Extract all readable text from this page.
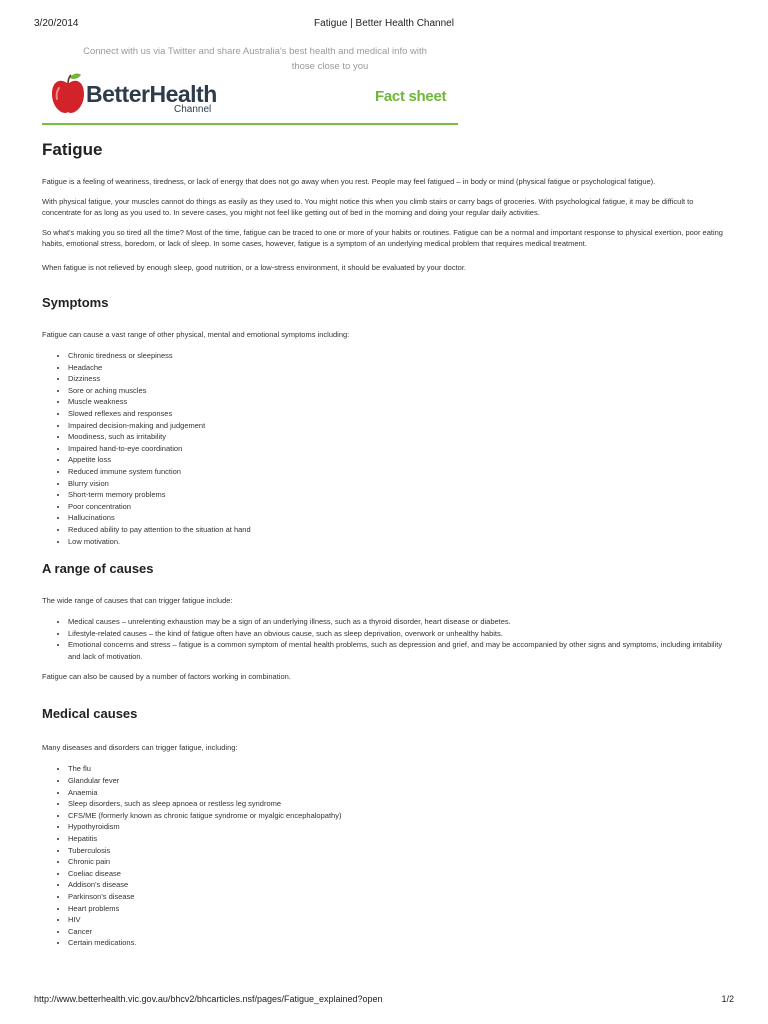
3/20/2014	Fatigue | Better Health Channel
Connect with us via Twitter and share Australia's best health and medical info with
those close to you
BetterHealth
Channel
Fact sheet
Fatigue

Fatigue is a feeling of weariness, tiredness, or lack of energy that does not go away when you rest. People may feel fatigued – in body or mind (physical fatigue or psychological fatigue).

With physical fatigue, your muscles cannot do things as easily as they used to. You might notice this when you climb stairs or carry bags of groceries. With psychological fatigue, it may be difficult to concentrate for as long as you used to. In severe cases, you might not feel like getting out of bed in the morning and doing your regular daily activities.

So what's making you so tired all the time? Most of the time, fatigue can be traced to one or more of your habits or routines. Fatigue can be a normal and important response to physical exertion, poor eating habits, emotional stress, boredom, or lack of sleep. In some cases, however, fatigue is a symptom of an underlying medical problem that requires medical treatment.

When fatigue is not relieved by enough sleep, good nutrition, or a low-stress environment, it should be evaluated by your doctor.

Symptoms

Fatigue can cause a vast range of other physical, mental and emotional symptoms including:

• Chronic tiredness or sleepiness
• Headache
• Dizziness
• Sore or aching muscles
• Muscle weakness
• Slowed reflexes and responses
• Impaired decision-making and judgement
• Moodiness, such as irritability
• Impaired hand-to-eye coordination
• Appetite loss
• Reduced immune system function
• Blurry vision
• Short-term memory problems
• Poor concentration
• Hallucinations
• Reduced ability to pay attention to the situation at hand
• Low motivation.
A range of causes

The wide range of causes that can trigger fatigue include:

• Medical causes – unrelenting exhaustion may be a sign of an underlying illness, such as a thyroid disorder, heart disease or diabetes.
• Lifestyle-related causes – the kind of fatigue often have an obvious cause, such as sleep deprivation, overwork or unhealthy habits.
• Emotional concerns and stress – fatigue is a common symptom of mental health problems, such as depression and grief, and may be accompanied by other signs and symptoms, including irritability and lack of motivation.

Fatigue can also be caused by a number of factors working in combination.

Medical causes

Many diseases and disorders can trigger fatigue, including:

• The flu
• Glandular fever
• Anaemia
• Sleep disorders, such as sleep apnoea or restless leg syndrome
• CFS/ME (formerly known as chronic fatigue syndrome or myalgic encephalopathy)
• Hypothyroidism
• Hepatitis
• Tuberculosis
• Chronic pain
• Coeliac disease
• Addison's disease
• Parkinson's disease
• Heart problems
• HIV
• Cancer
• Certain medications.
http://www.betterhealth.vic.gov.au/bhcv2/bhcarticles.nsf/pages/Fatigue_explained?open	1/2
